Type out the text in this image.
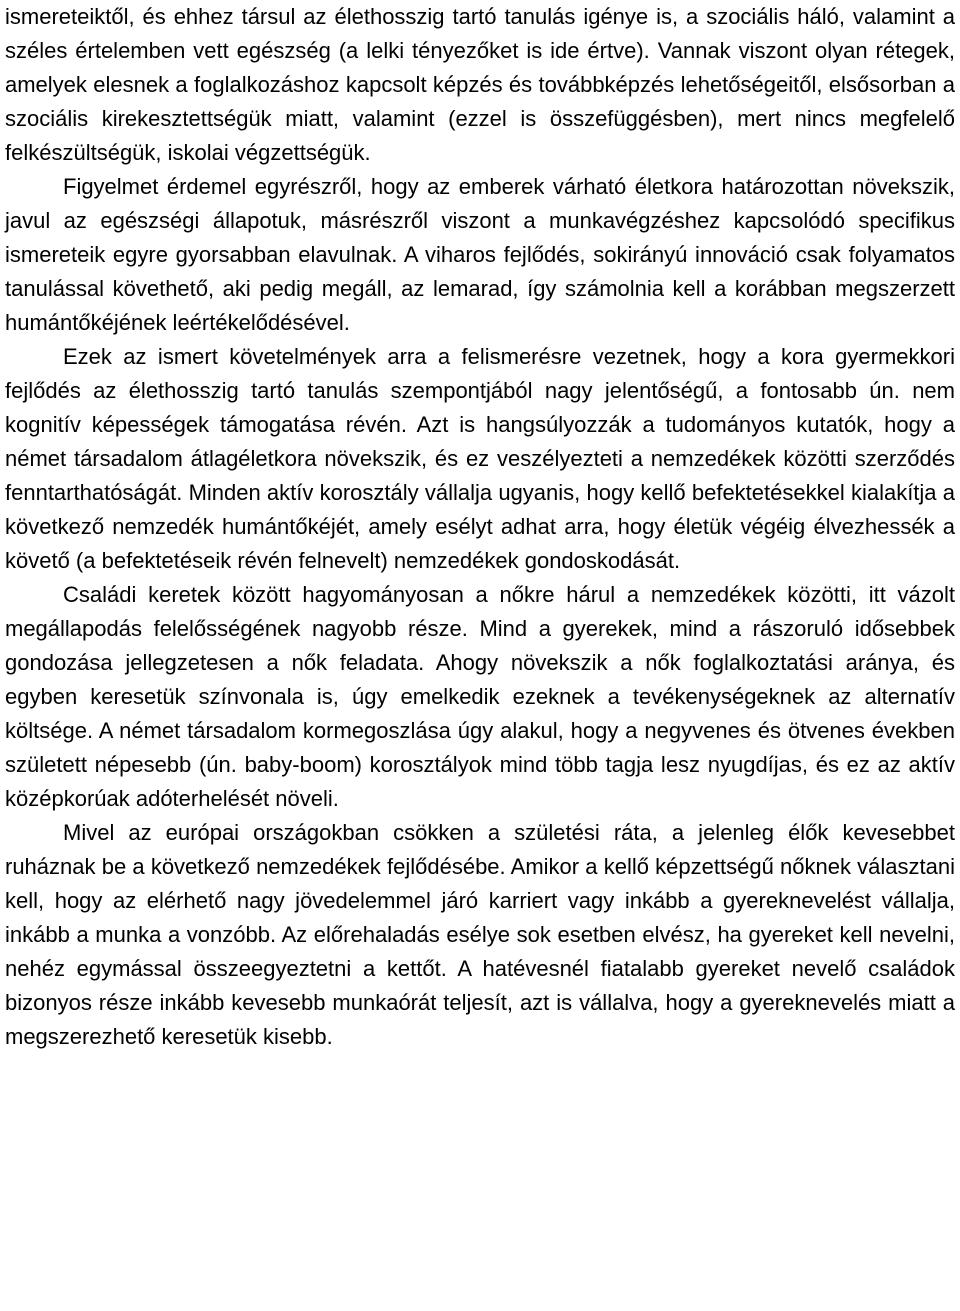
ismereteiktől, és ehhez társul az élethosszig tartó tanulás igénye is, a szociális háló, valamint a széles értelemben vett egészség (a lelki tényezőket is ide értve). Vannak viszont olyan rétegek, amelyek elesnek a foglalkozáshoz kapcsolt képzés és továbbképzés lehetőségeitől, elsősorban a szociális kirekesztettségük miatt, valamint (ezzel is összefüggésben), mert nincs megfelelő felkészültségük, iskolai végzettségük.

Figyelmet érdemel egyrészről, hogy az emberek várható életkora határozottan növekszik, javul az egészségi állapotuk, másrészről viszont a munkavégzéshez kapcsolódó specifikus ismereteik egyre gyorsabban elavulnak. A viharos fejlődés, sokirányú innováció csak folyamatos tanulással követhető, aki pedig megáll, az lemarad, így számolnia kell a korábban megszerzett humántőkéjének leértékelődésével.

Ezek az ismert követelmények arra a felismerésre vezetnek, hogy a kora gyermekkori fejlődés az élethosszig tartó tanulás szempontjából nagy jelentőségű, a fontosabb ún. nem kognitív képességek támogatása révén. Azt is hangsúlyozzák a tudományos kutatók, hogy a német társadalom átlagéletkora növekszik, és ez veszélyezteti a nemzedékek közötti szerződés fenntarthatóságát. Minden aktív korosztály vállalja ugyanis, hogy kellő befektetésekkel kialakítja a következő nemzedék humántőkéjét, amely esélyt adhat arra, hogy életük végéig élvezhessék a követő (a befektetéseik révén felnevelt) nemzedékek gondoskodását.

Családi keretek között hagyományosan a nőkre hárul a nemzedékek közötti, itt vázolt megállapodás felelősségének nagyobb része. Mind a gyerekek, mind a rászoruló idősebbek gondozása jellegzetesen a nők feladata. Ahogy növekszik a nők foglalkoztatási aránya, és egyben keresetük színvonala is, úgy emelkedik ezeknek a tevékenységeknek az alternatív költsége. A német társadalom kormegoszlása úgy alakul, hogy a negyvenes és ötvenes években született népesebb (ún. baby-boom) korosztályok mind több tagja lesz nyugdíjas, és ez az aktív középkorúak adóterhelését növeli.

Mivel az európai országokban csökken a születési ráta, a jelenleg élők kevesebbet ruháznak be a következő nemzedékek fejlődésébe. Amikor a kellő képzettségű nőknek választani kell, hogy az elérhető nagy jövedelemmel járó karriert vagy inkább a gyereknevelést vállalja, inkább a munka a vonzóbb. Az előrehaladás esélye sok esetben elvész, ha gyereket kell nevelni, nehéz egymással összeegyeztetni a kettőt. A hatévesnél fiatalabb gyereket nevelő családok bizonyos része inkább kevesebb munkaórát teljesít, azt is vállalva, hogy a gyereknevelés miatt a megszerezhető keresetük kisebb.
